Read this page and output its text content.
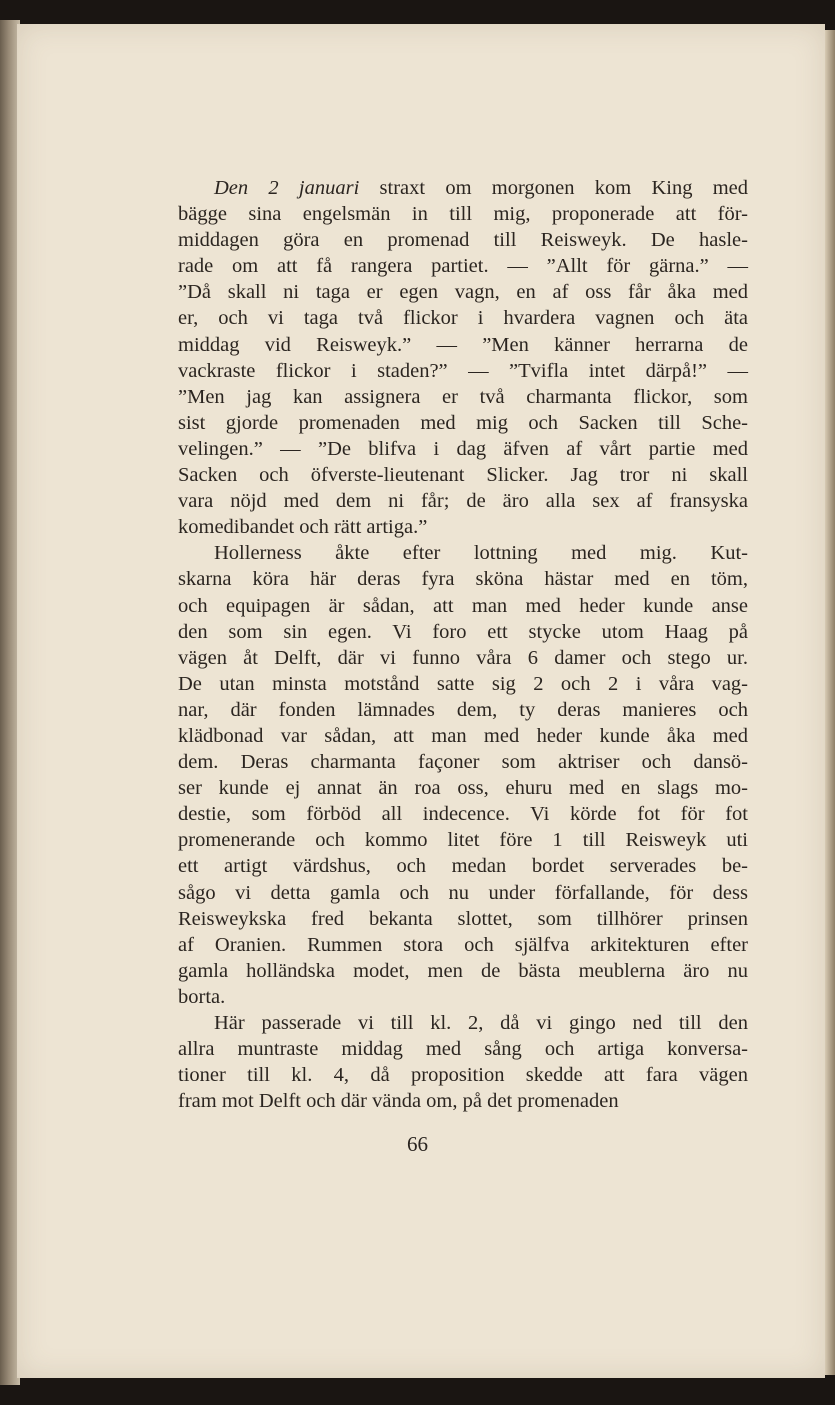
Den 2 januari straxt om morgonen kom King med
bägge sina engelsmän in till mig, proponerade att för-
middagen göra en promenad till Reisweyk. De hasle-
rade om att få rangera partiet. — ”Allt för gärna.” —
”Då skall ni taga er egen vagn, en af oss får åka med
er, och vi taga två flickor i hvardera vagnen och äta
middag vid Reisweyk.” — ”Men känner herrarna de
vackraste flickor i staden?” — ”Tvifla intet därpå!” —
”Men jag kan assignera er två charmanta flickor, som
sist gjorde promenaden med mig och Sacken till Sche-
velingen.” — ”De blifva i dag äfven af vårt partie med
Sacken och öfverste-lieutenant Slicker. Jag tror ni skall
vara nöjd med dem ni får; de äro alla sex af fransyska
komedibandet och rätt artiga.”

Hollerness åkte efter lottning med mig. Kut-
skarna köra här deras fyra sköna hästar med en töm,
och equipagen är sådan, att man med heder kunde anse
den som sin egen. Vi foro ett stycke utom Haag på
vägen åt Delft, där vi funno våra 6 damer och stego ur.
De utan minsta motstånd satte sig 2 och 2 i våra vag-
nar, där fonden lämnades dem, ty deras manieres och
klädbonad var sådan, att man med heder kunde åka med
dem. Deras charmanta façoner som aktriser och dansö-
ser kunde ej annat än roa oss, ehuru med en slags mo-
destie, som förböd all indecence. Vi körde fot för fot
promenerande och kommo litet före 1 till Reisweyk uti
ett artigt värdshus, och medan bordet serverades be-
sågo vi detta gamla och nu under förfallande, för dess
Reisweykska fred bekanta slottet, som tillhörer prinsen
af Oranien. Rummen stora och själfva arkitekturen efter
gamla holländska modet, men de bästa meublerna äro nu
borta.

Här passerade vi till kl. 2, då vi gingo ned till den
allra muntraste middag med sång och artiga konversa-
tioner till kl. 4, då proposition skedde att fara vägen
fram mot Delft och där vända om, på det promenaden

66
